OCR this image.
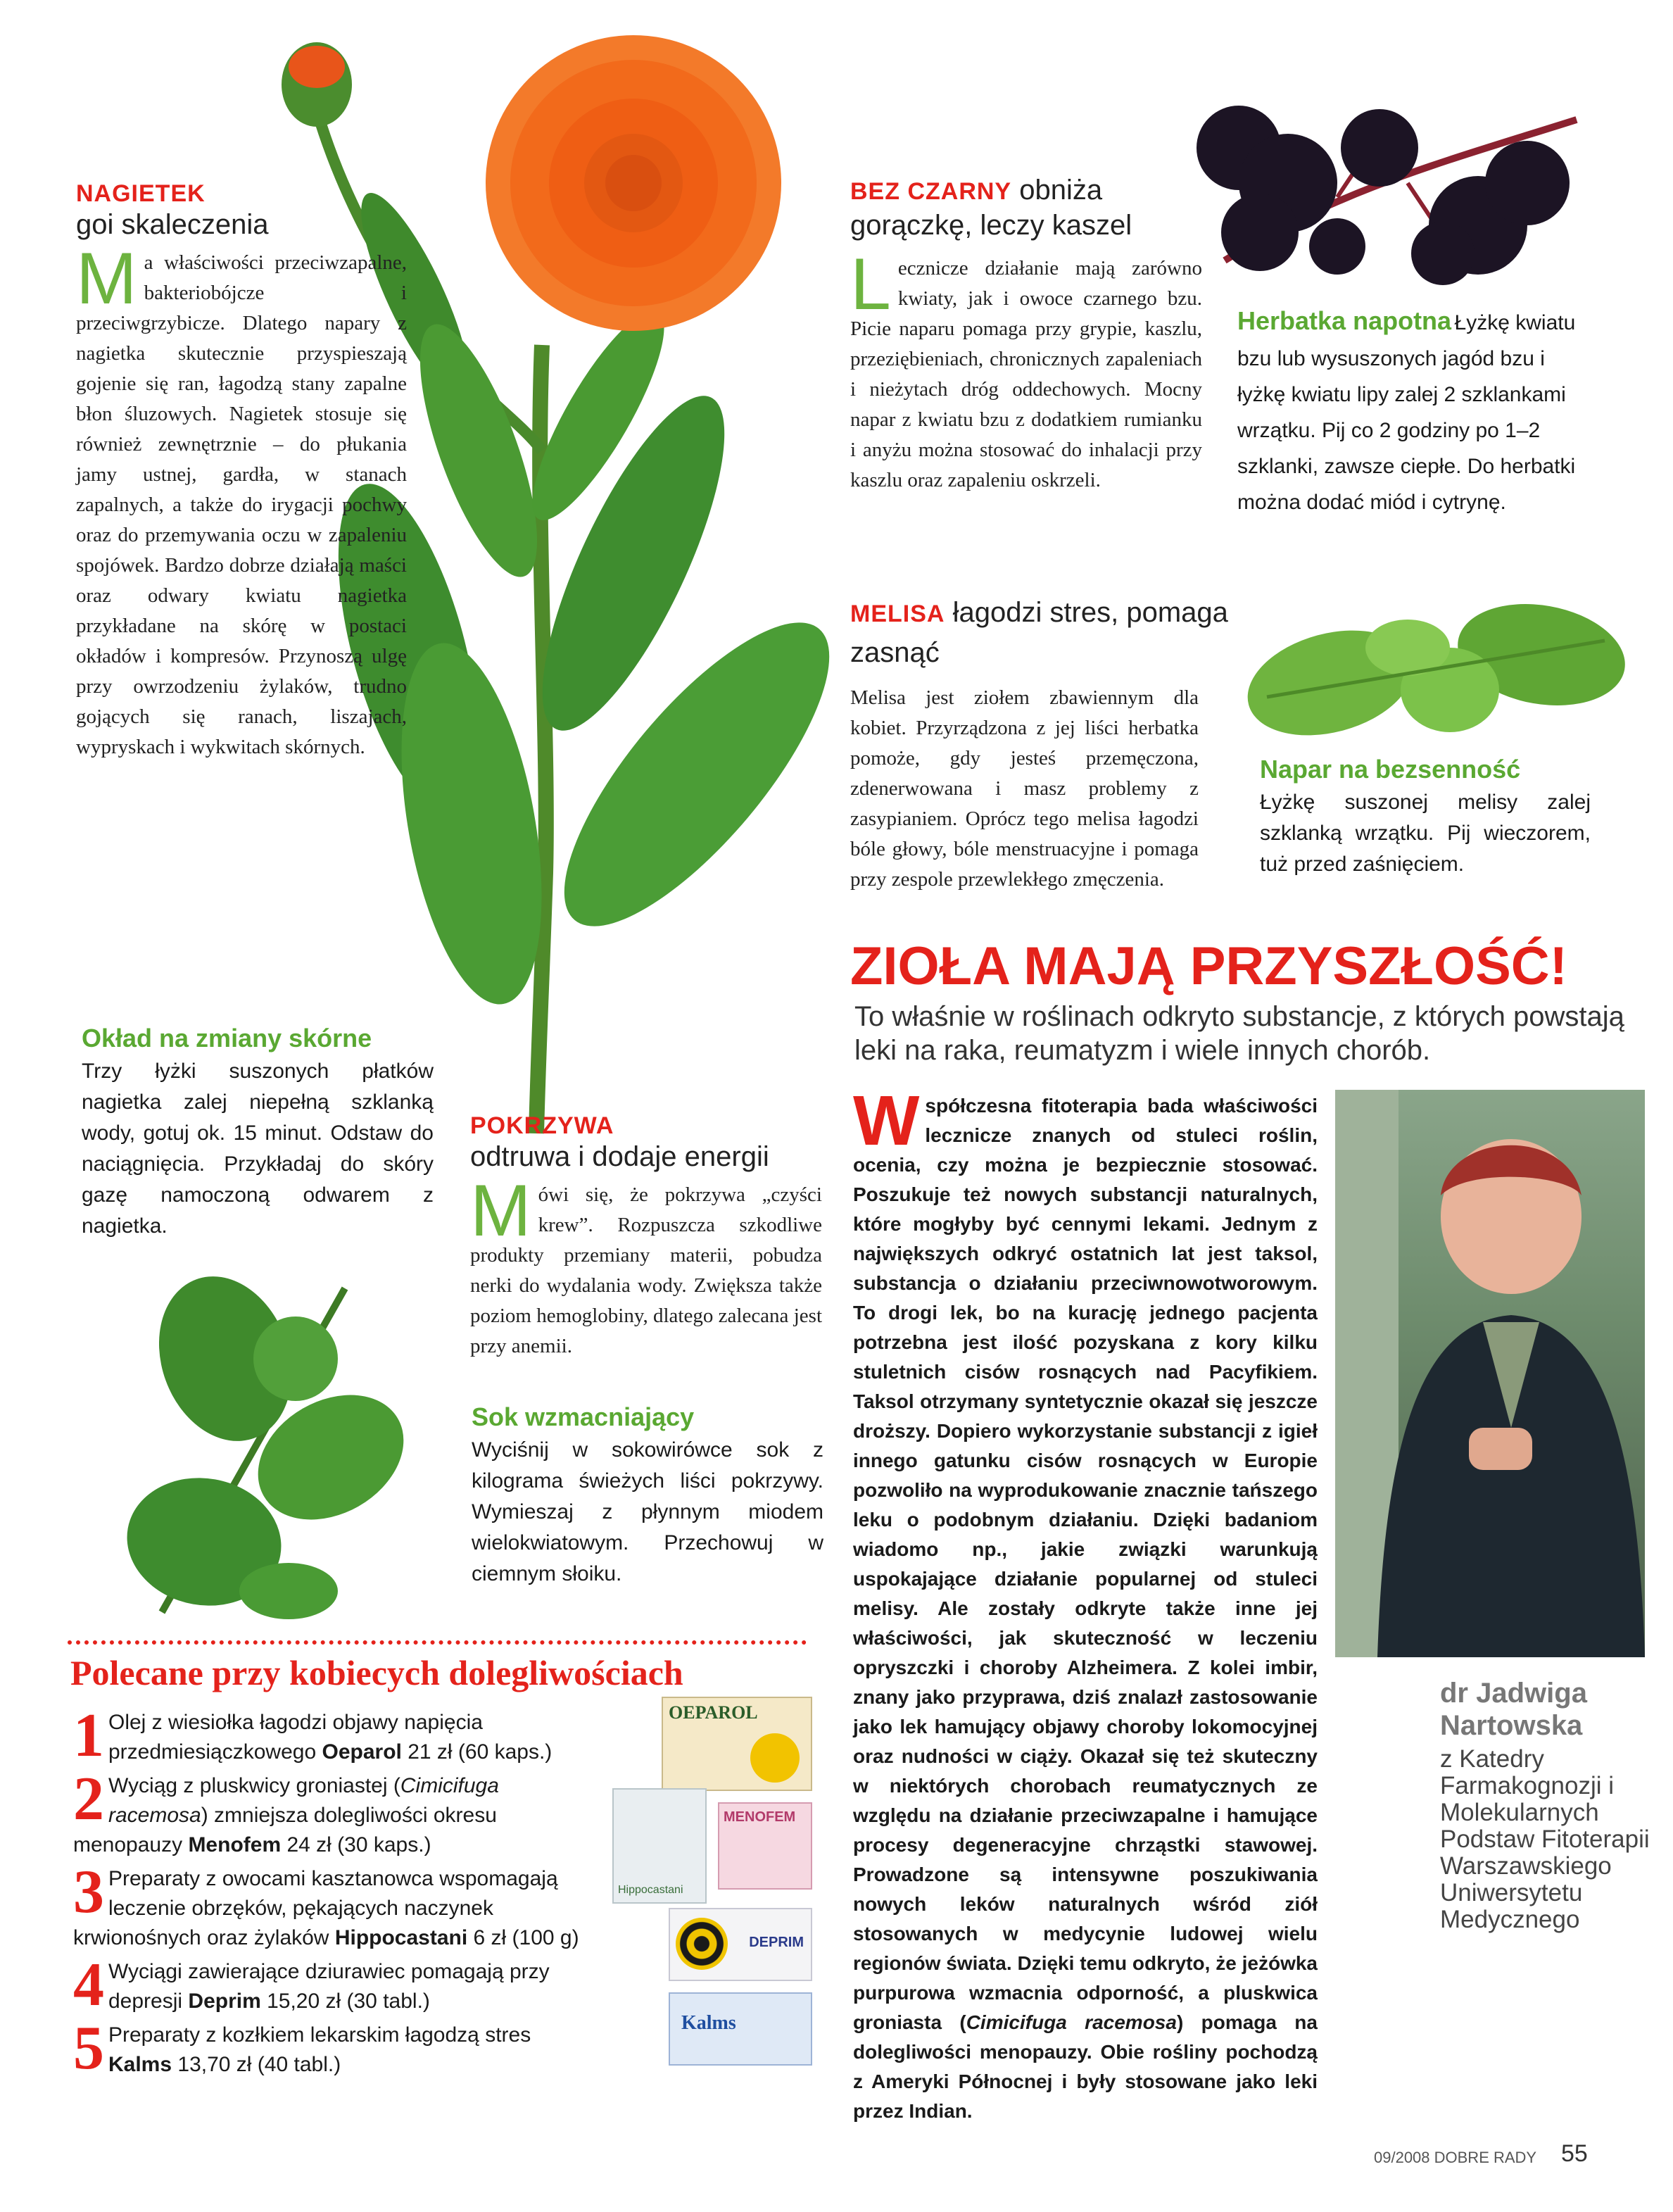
NAGIETEK
goi skaleczenia
M a właściwości przeciwzapalne, bakteriobójcze i przeciwgrzybicze. Dlatego napary z nagietka skutecznie przyspieszają gojenie się ran, łagodzą stany zapalne błon śluzowych. Nagietek stosuje się również zewnętrznie – do płukania jamy ustnej, gardła, w stanach zapalnych, a także do irygacji pochwy oraz do przemywania oczu w zapaleniu spojówek. Bardzo dobrze działają maści oraz odwary kwiatu nagietka przykładane na skórę w postaci okładów i kompresów. Przynoszą ulgę przy owrzodzeniu żylaków, trudno gojących się ranach, liszajach, wypryskach i wykwitach skórnych.
Okład na zmiany skórne
Trzy łyżki suszonych płatków nagietka zalej niepełną szklanką wody, gotuj ok. 15 minut. Odstaw do naciągnięcia. Przykładaj do skóry gazę namoczoną odwarem z nagietka.
BEZ CZARNY obniża gorączkę, leczy kaszel
L ecznicze działanie mają zarówno kwiaty, jak i owoce czarnego bzu. Picie naparu pomaga przy grypie, kaszlu, przeziębieniach, chronicznych zapaleniach i nieżytach dróg oddechowych. Mocny napar z kwiatu bzu z dodatkiem rumianku i anyżu można stosować do inhalacji przy kaszlu oraz zapaleniu oskrzeli.
Herbatka napotna Łyżkę kwiatu bzu lub wysuszonych jagód bzu i łyżkę kwiatu lipy zalej 2 szklankami wrzątku. Pij co 2 godziny po 1–2 szklanki, zawsze ciepłe. Do herbatki można dodać miód i cytrynę.
MELISA łagodzi stres, pomaga zasnąć
Melisa jest ziołem zbawiennym dla kobiet. Przyrządzona z jej liści herbatka pomoże, gdy jesteś przemęczona, zdenerwowana i masz problemy z zasypianiem. Oprócz tego melisa łagodzi bóle głowy, bóle menstruacyjne i pomaga przy zespole przewlekłego zmęczenia.
Napar na bezsenność
Łyżkę suszonej melisy zalej szklanką wrzątku. Pij wieczorem, tuż przed zaśnięciem.
POKRZYWA
odtruwa i dodaje energii
M ówi się, że pokrzywa „czyści krew”. Rozpuszcza szkodliwe produkty przemiany materii, pobudza nerki do wydalania wody. Zwiększa także poziom hemoglobiny, dlatego zalecana jest przy anemii.
Sok wzmacniający
Wyciśnij w sokowirówce sok z kilograma świeżych liści pokrzywy. Wymieszaj z płynnym miodem wielokwiatowym. Przechowuj w ciemnym słoiku.
ZIOŁA MAJĄ PRZYSZŁOŚĆ!
To właśnie w roślinach odkryto substancje, z których powstają leki na raka, reumatyzm i wiele innych chorób.
Współczesna fitoterapia bada właściwości lecznicze znanych od stuleci roślin, ocenia, czy można je bezpiecznie stosować. Poszukuje też nowych substancji naturalnych, które mogłyby być cennymi lekami. Jednym z największych odkryć ostatnich lat jest taksol, substancja o działaniu przeciwnowotworowym. To drogi lek, bo na kurację jednego pacjenta potrzebna jest ilość pozyskana z kory kilku stuletnich cisów rosnących nad Pacyfikiem. Taksol otrzymany syntetycznie okazał się jeszcze droższy. Dopiero wykorzystanie substancji z igieł innego gatunku cisów rosnących w Europie pozwoliło na wyprodukowanie znacznie tańszego leku o podobnym działaniu. Dzięki badaniom wiadomo np., jakie związki warunkują uspokajające działanie popularnej od stuleci melisy. Ale zostały odkryte także inne jej właściwości, jak skuteczność w leczeniu opryszczki i choroby Alzheimera. Z kolei imbir, znany jako przyprawa, dziś znalazł zastosowanie jako lek hamujący objawy choroby lokomocyjnej oraz nudności w ciąży. Okazał się też skuteczny w niektórych chorobach reumatycznych ze względu na działanie przeciwzapalne i hamujące procesy degeneracyjne chrząstki stawowej. Prowadzone są intensywne poszukiwania nowych leków naturalnych wśród ziół stosowanych w medycynie ludowej wielu regionów świata. Dzięki temu odkryto, że jeżówka purpurowa wzmacnia odporność, a pluskwica groniasta (Cimicifuga racemosa) pomaga na dolegliwości menopauzy. Obie rośliny pochodzą z Ameryki Północnej i były stosowane jako leki przez Indian.
dr Jadwiga Nartowska
z Katedry Farmakognozji i Molekularnych Podstaw Fitoterapii Warszawskiego Uniwersytetu Medycznego
Polecane przy kobiecych dolegliwościach
1 Olej z wiesiołka łagodzi objawy napięcia przedmiesiączkowego Oeparol 21 zł (60 kaps.)
2 Wyciąg z pluskwicy groniastej (Cimicifuga racemosa) zmniejsza dolegliwości okresu menopauzy Menofem 24 zł (30 kaps.)
3 Preparaty z owocami kasztanowca wspomagają leczenie obrzęków, pękających naczynek krwionośnych oraz żylaków Hippocastani 6 zł (100 g)
4 Wyciągi zawierające dziurawiec pomagają przy depresji Deprim 15,20 zł (30 tabl.)
5 Preparaty z kozłkiem lekarskim łagodzą stres Kalms 13,70 zł (40 tabl.)
OEPAROL
Hippocastani
MENOFEM
DEPRIM
Kalms
09/2008 DOBRE RADY 55
